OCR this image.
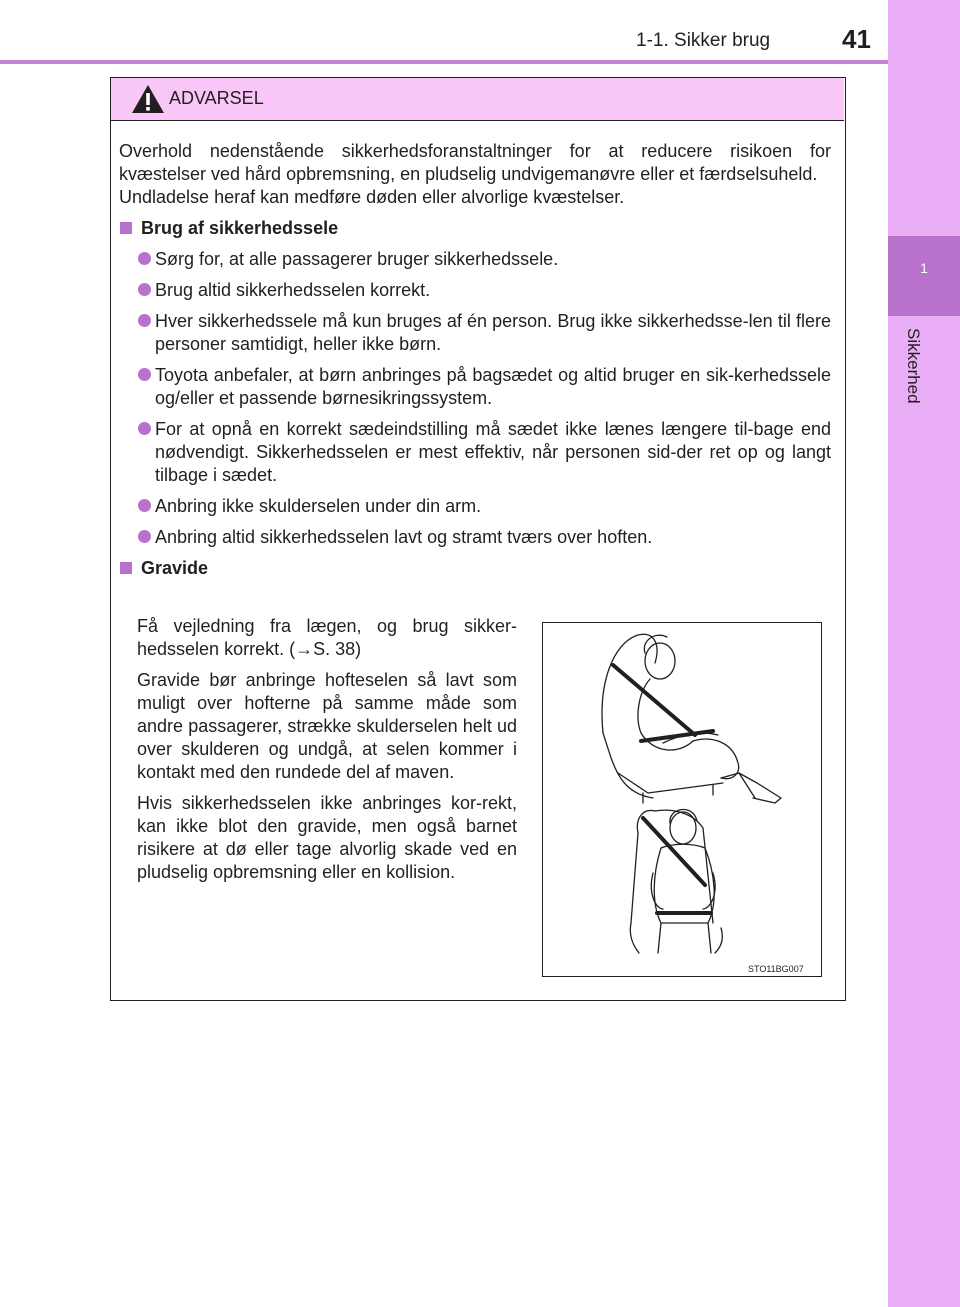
1-1. Sikker brug	41
1
Sikkerhed
ADVARSEL

Overhold nedenstående sikkerhedsforanstaltninger for at reducere risikoen for kvæstelser ved hård opbremsning, en pludselig undvigemanøvre eller et færdselsuheld.

Undladelse heraf kan medføre døden eller alvorlige kvæstelser.

Brug af sikkerhedssele
Sørg for, at alle passagerer bruger sikkerhedssele.
Brug altid sikkerhedsselen korrekt.
Hver sikkerhedssele må kun bruges af én person. Brug ikke sikkerhedsse-len til flere personer samtidigt, heller ikke børn.
Toyota anbefaler, at børn anbringes på bagsædet og altid bruger en sik-kerhedssele og/eller et passende børnesikringssystem.
For at opnå en korrekt sædeindstilling må sædet ikke lænes længere til-bage end nødvendigt. Sikkerhedsselen er mest effektiv, når personen sid-der ret op og langt tilbage i sædet.
Anbring ikke skulderselen under din arm.
Anbring altid sikkerhedsselen lavt og stramt tværs over hoften.
Gravide

Få vejledning fra lægen, og brug sikker-hedsselen korrekt. (→S. 38)

Gravide bør anbringe hofteselen så lavt som muligt over hofterne på samme måde som andre passagerer, strække skulderselen helt ud over skulderen og undgå, at selen kommer i kontakt med den rundede del af maven.

Hvis sikkerhedsselen ikke anbringes kor-rekt, kan ikke blot den gravide, men også barnet risikere at dø eller tage alvorlig skade ved en pludselig opbremsning eller en kollision.

STO11BG007
